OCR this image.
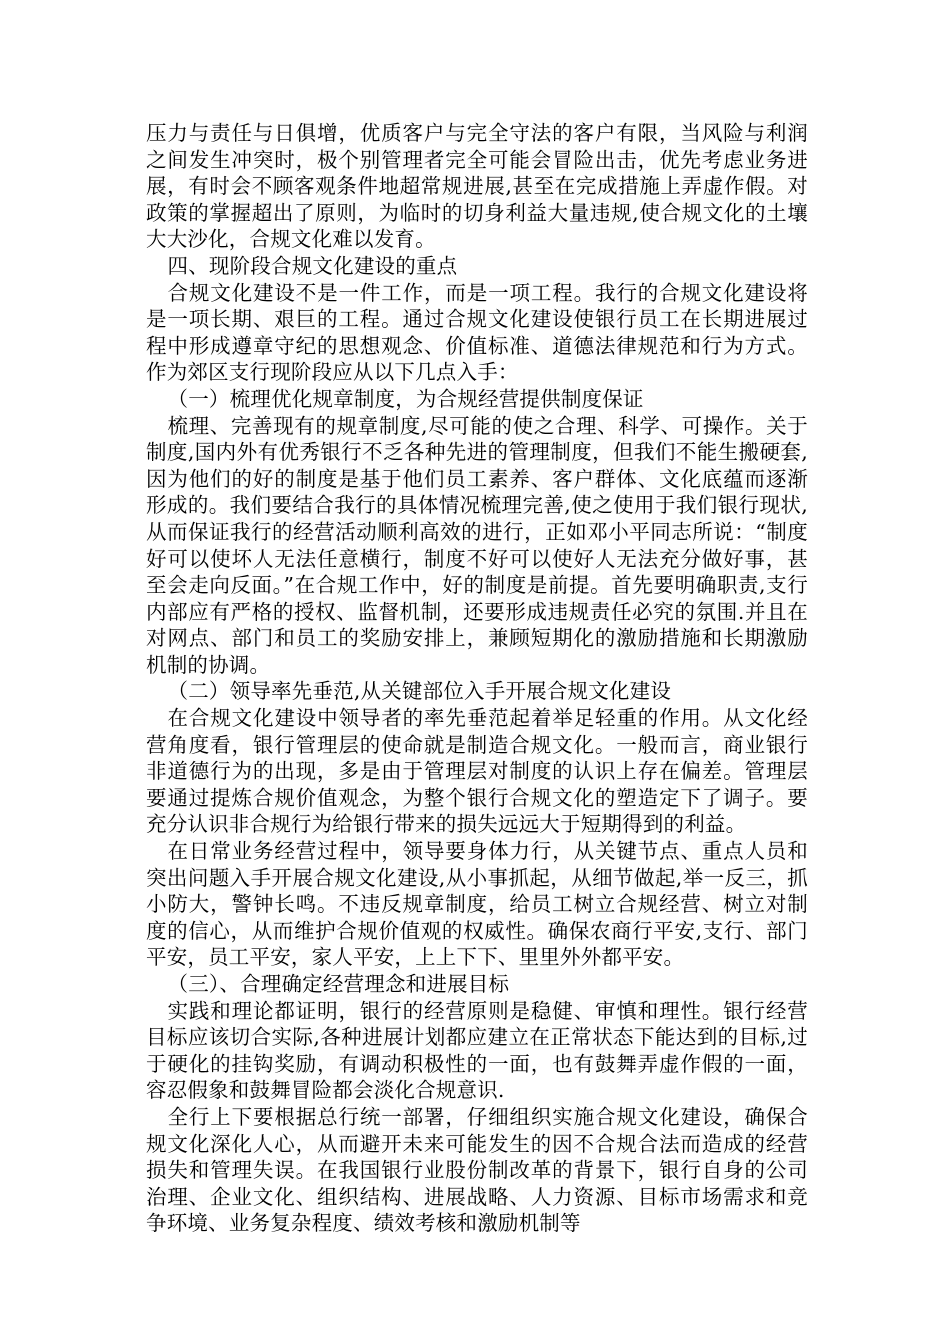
压力与责任与日俱增，优质客户与完全守法的客户有限，当风险与利润之间发生冲突时，极个别管理者完全可能会冒险出击，优先考虑业务进展，有时会不顾客观条件地超常规进展,甚至在完成措施上弄虚作假。对政策的掌握超出了原则，为临时的切身利益大量违规,使合规文化的土壤大大沙化，合规文化难以发育。

四、现阶段合规文化建设的重点

合规文化建设不是一件工作，而是一项工程。我行的合规文化建设将是一项长期、艰巨的工程。通过合规文化建设使银行员工在长期进展过程中形成遵章守纪的思想观念、价值标准、道德法律规范和行为方式。作为郊区支行现阶段应从以下几点入手：

（一）梳理优化规章制度，为合规经营提供制度保证

梳理、完善现有的规章制度,尽可能的使之合理、科学、可操作。关于制度,国内外有优秀银行不乏各种先进的管理制度，但我们不能生搬硬套,因为他们的好的制度是基于他们员工素养、客户群体、文化底蕴而逐渐形成的。我们要结合我行的具体情况梳理完善,使之使用于我们银行现状,从而保证我行的经营活动顺利高效的进行，正如邓小平同志所说：“制度好可以使坏人无法任意横行，制度不好可以使好人无法充分做好事，甚至会走向反面。”在合规工作中，好的制度是前提。首先要明确职责,支行内部应有严格的授权、监督机制，还要形成违规责任必究的氛围.并且在对网点、部门和员工的奖励安排上，兼顾短期化的激励措施和长期激励机制的协调。

（二）领导率先垂范,从关键部位入手开展合规文化建设

在合规文化建设中领导者的率先垂范起着举足轻重的作用。从文化经营角度看，银行管理层的使命就是制造合规文化。一般而言，商业银行非道德行为的出现，多是由于管理层对制度的认识上存在偏差。管理层要通过提炼合规价值观念，为整个银行合规文化的塑造定下了调子。要充分认识非合规行为给银行带来的损失远远大于短期得到的利益。

在日常业务经营过程中，领导要身体力行，从关键节点、重点人员和突出问题入手开展合规文化建设,从小事抓起，从细节做起,举一反三，抓小防大，警钟长鸣。不违反规章制度，给员工树立合规经营、树立对制度的信心，从而维护合规价值观的权威性。确保农商行平安,支行、部门平安，员工平安，家人平安，上上下下、里里外外都平安。

（三）、合理确定经营理念和进展目标

实践和理论都证明，银行的经营原则是稳健、审慎和理性。银行经营目标应该切合实际,各种进展计划都应建立在正常状态下能达到的目标,过于硬化的挂钩奖励，有调动积极性的一面，也有鼓舞弄虚作假的一面，容忍假象和鼓舞冒险都会淡化合规意识.

全行上下要根据总行统一部署，仔细组织实施合规文化建设，确保合规文化深化人心，从而避开未来可能发生的因不合规合法而造成的经营损失和管理失误。在我国银行业股份制改革的背景下，银行自身的公司治理、企业文化、组织结构、进展战略、人力资源、目标市场需求和竞争环境、业务复杂程度、绩效考核和激励机制等
